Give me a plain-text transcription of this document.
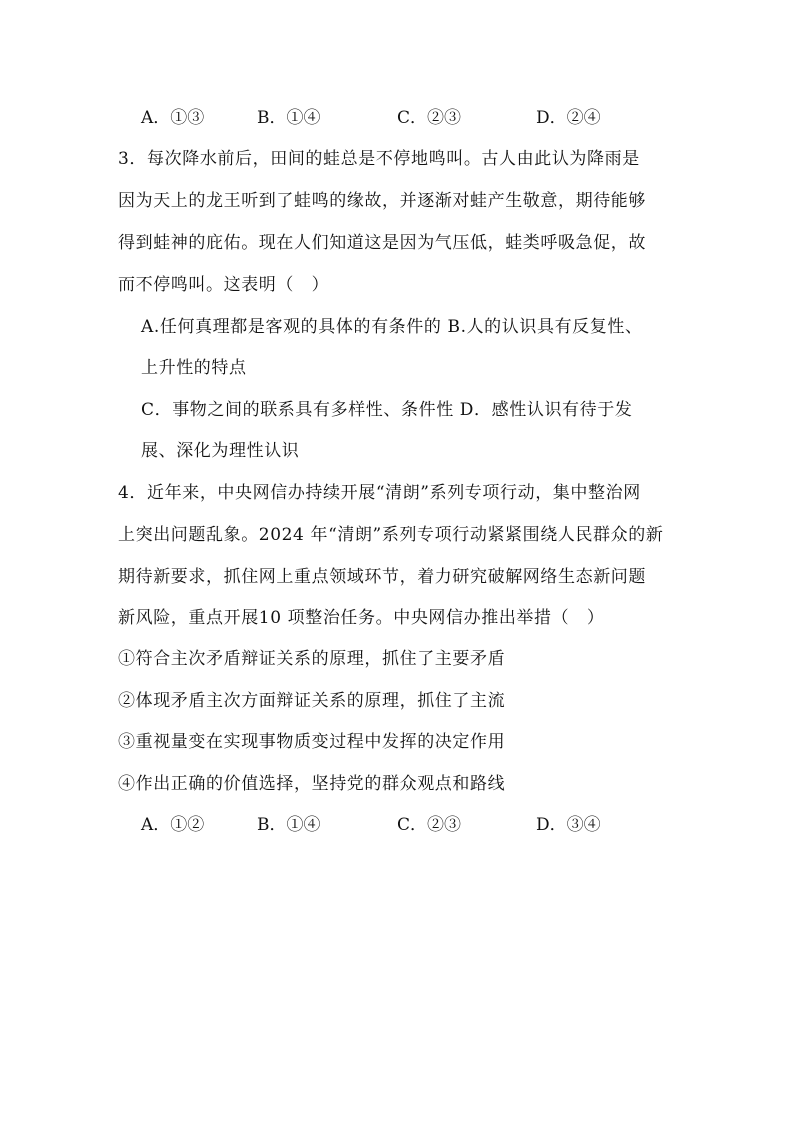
A．①③	B．①④	C．②③	D．②④
3．每次降水前后，田间的蛙总是不停地鸣叫。古人由此认为降雨是
因为天上的龙王听到了蛙鸣的缘故，并逐渐对蛙产生敬意，期待能够
得到蛙神的庇佑。现在人们知道这是因为气压低，蛙类呼吸急促，故
而不停鸣叫。这表明（　）
A.任何真理都是客观的具体的有条件的 B.人的认识具有反复性、
上升性的特点
C．事物之间的联系具有多样性、条件性 D．感性认识有待于发
展、深化为理性认识
4．近年来，中央网信办持续开展“清朗”系列专项行动，集中整治网
上突出问题乱象。2024 年“清朗”系列专项行动紧紧围绕人民群众的新
期待新要求，抓住网上重点领域环节，着力研究破解网络生态新问题
新风险，重点开展10 项整治任务。中央网信办推出举措（　）
①符合主次矛盾辩证关系的原理，抓住了主要矛盾
②体现矛盾主次方面辩证关系的原理，抓住了主流
③重视量变在实现事物质变过程中发挥的决定作用
④作出正确的价值选择，坚持党的群众观点和路线
A．①②	B．①④	C．②③	D．③④
